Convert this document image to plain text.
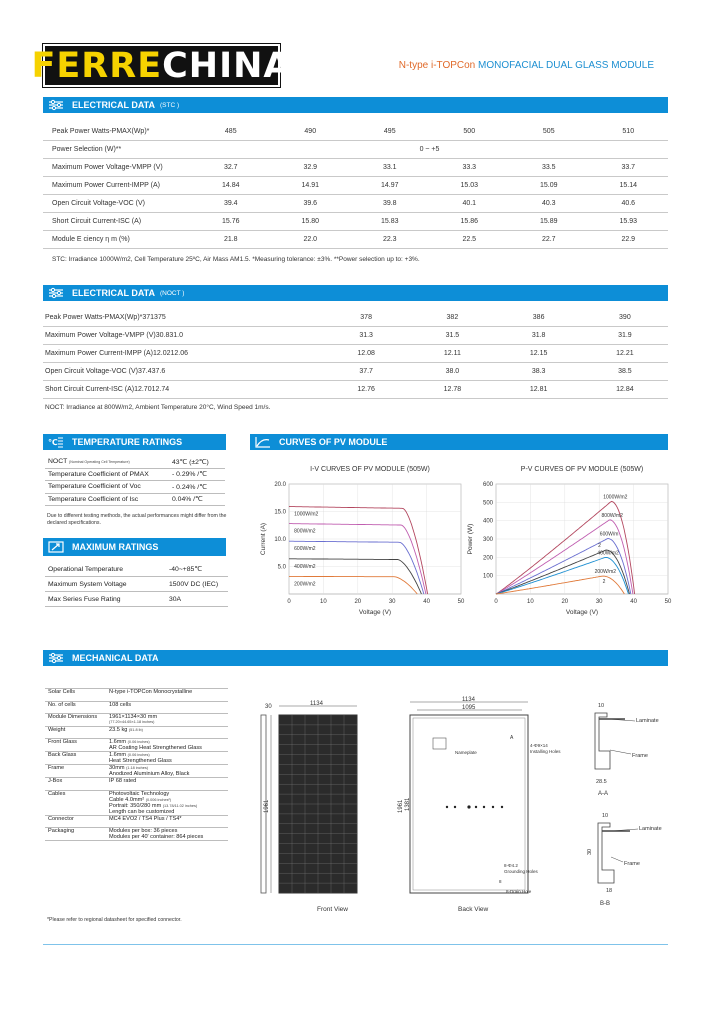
FERRE CHINA	N-type i-TOPCon MONOFACIAL DUAL GLASS MODULE
ELECTRICAL DATA (STC )
Peak Power Watts-PMAX(Wp)*	485	490	495	500	505	510
Power Selection (W)**	0 ~ +5					
Maximum Power Voltage-VMPP (V)	32.7	32.9	33.1	33.3	33.5	33.7
Maximum Power Current-IMPP (A)	14.84	14.91	14.97	15.03	15.09	15.14
Open Circuit Voltage-VOC (V)	39.4	39.6	39.8	40.1	40.3	40.6
Short Circuit Current-ISC (A)	15.76	15.80	15.83	15.86	15.89	15.93
Module E ciency η m (%)	21.8	22.0	22.3	22.5	22.7	22.9
STC: Irradiance 1000W/m2, Cell Temperature 25ºC, Air Mass AM1.5. *Measuring tolerance: ±3%. **Power selection up to: +3%.
ELECTRICAL DATA (NOCT )
Peak Power Watts-PMAX(Wp)*371375	378	382	386	390
Maximum Power Voltage-VMPP (V)30.831.0	31.3	31.5	31.8	31.9
Maximum Power Current-IMPP (A)12.0212.06	12.08	12.11	12.15	12.21
Open Circuit Voltage-VOC (V)37.437.6	37.7	38.0	38.3	38.5
Short Circuit Current-ISC (A)12.7012.74	12.76	12.78	12.81	12.84
NOCT: Irradiance at 800W/m2, Ambient Temperature 20°C, Wind Speed 1m/s.
℃ TEMPERATURE RATINGS
NOCT (Nominal Operating Cell Temperature)	43℃ (±2℃)
Temperature Coefficient of PMAX	- 0.29% /℃
Temperature Coefficient of Voc	- 0.24% /℃
Temperature Coefficient of Isc	0.04% /℃
Due to different testing methods, the actual performances might differ from the declared specifications.
MAXIMUM RATINGS
Operational Temperature	-40~+85℃
Maximum System Voltage	1500V DC (IEC)
Max Series Fuse Rating	30A
CURVES OF PV MODULE
I-V CURVES OF PV MODULE (505W)
0	10	20	30	40	50
5.0
10.0
15.0
20.0
Voltage (V)
Current (A)
1000W/m2
800W/m2
600W/m2
400W/m2
200W/m2
P-V CURVES OF PV MODULE (505W)
0	10	20	30	40	50
100
200
300
400
500
600
Voltage (V)
Power (W)
1000W/m2
800W/m2
600W/m
2
400W/m2
200W/m2
2
MECHANICAL DATA
Solar Cells	N-type i-TOPCon Monocrystalline
No. of cells	108 cells
Module Dimensions	1961×1134×30 mm
(77.20×44.65×1.18 inches)

Weight	23.5 kg (51.8 lb)
Front Glass	1.6mm (0.06 inches)
AR Coating Heat Strengthened Glass

Back Glass	1.6mm (0.06 inches)
Heat Strengthened Glass

Frame	30mm (1.18 inches)
Anodized Aluminium Alloy, Black

J-Box	IP 68 rated
Cables	Photovoltaic Technology
Cable 4.0mm² (0.006 inches²)
Portrait: 350/280 mm (13.78/11.02 inches)
Length can be customized

Connector	MC4 EVO2 / TS4 Plus / TS4*
Packaging	Modules per box: 36 pieces
Modules per 40' container: 864 pieces
*Please refer to regional datasheet for specified connector.
30	1134
1961
Front View
Nameplate
1134
1095
1961 1381
A
4-Φ9×14
Installing Holes
8-Φ4.2
Grounding Holes
8-Drain Hole
8
Back View
Laminate
Frame
10
28.5
A-A
Laminate
Frame
10
30
18
B-B
